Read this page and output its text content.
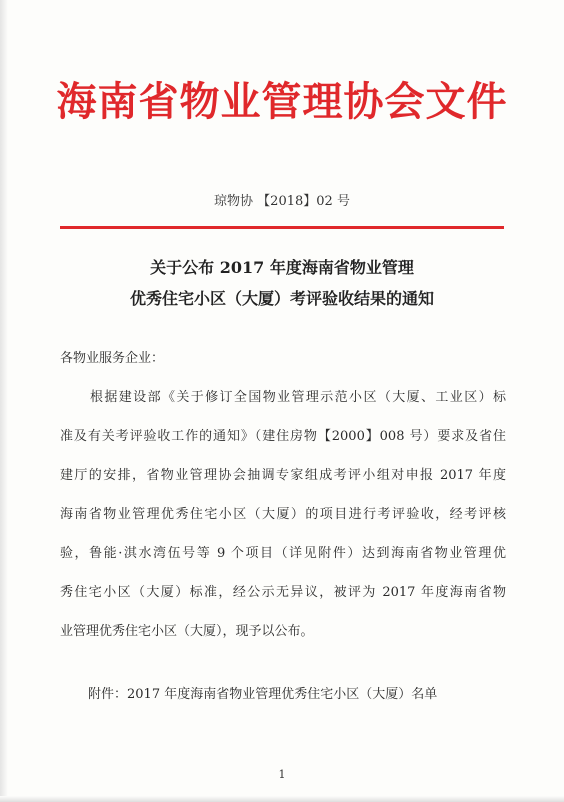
海南省物业管理协会文件
琼物协 【2018】02 号
关于公布 2017 年度海南省物业管理
优秀住宅小区（大厦）考评验收结果的通知
各物业服务企业：
根据建设部《关于修订全国物业管理示范小区（大厦、工业区）标
准及有关考评验收工作的通知》（建住房物【2000】008 号）要求及省住
建厅的安排，省物业管理协会抽调专家组成考评小组对申报 2017 年度
海南省物业管理优秀住宅小区（大厦）的项目进行考评验收，经考评核
验，鲁能·淇水湾伍号等 9 个项目（详见附件）达到海南省物业管理优
秀住宅小区（大厦）标准，经公示无异议，被评为 2017 年度海南省物
业管理优秀住宅小区（大厦），现予以公布。
附件：2017 年度海南省物业管理优秀住宅小区（大厦）名单
1
